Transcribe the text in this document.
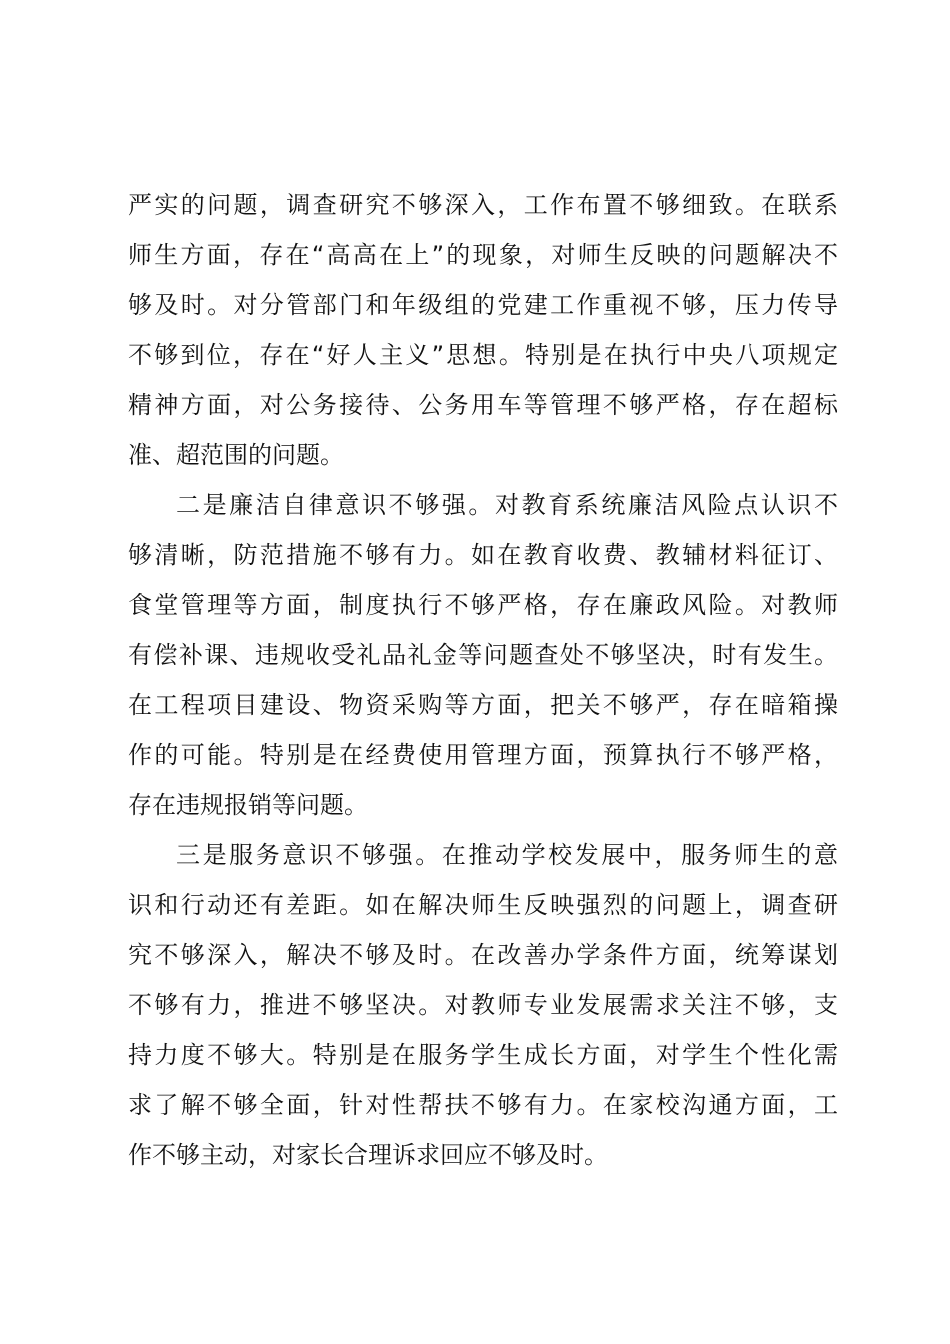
严实的问题，调查研究不够深入，工作布置不够细致。在联系
师生方面，存在“高高在上”的现象，对师生反映的问题解决不
够及时。对分管部门和年级组的党建工作重视不够，压力传导
不够到位，存在“好人主义”思想。特别是在执行中央八项规定
精神方面，对公务接待、公务用车等管理不够严格，存在超标
准、超范围的问题。
二是廉洁自律意识不够强。对教育系统廉洁风险点认识不
够清晰，防范措施不够有力。如在教育收费、教辅材料征订、
食堂管理等方面，制度执行不够严格，存在廉政风险。对教师
有偿补课、违规收受礼品礼金等问题查处不够坚决，时有发生。
在工程项目建设、物资采购等方面，把关不够严，存在暗箱操
作的可能。特别是在经费使用管理方面，预算执行不够严格，
存在违规报销等问题。
三是服务意识不够强。在推动学校发展中，服务师生的意
识和行动还有差距。如在解决师生反映强烈的问题上，调查研
究不够深入，解决不够及时。在改善办学条件方面，统筹谋划
不够有力，推进不够坚决。对教师专业发展需求关注不够，支
持力度不够大。特别是在服务学生成长方面，对学生个性化需
求了解不够全面，针对性帮扶不够有力。在家校沟通方面，工
作不够主动，对家长合理诉求回应不够及时。
